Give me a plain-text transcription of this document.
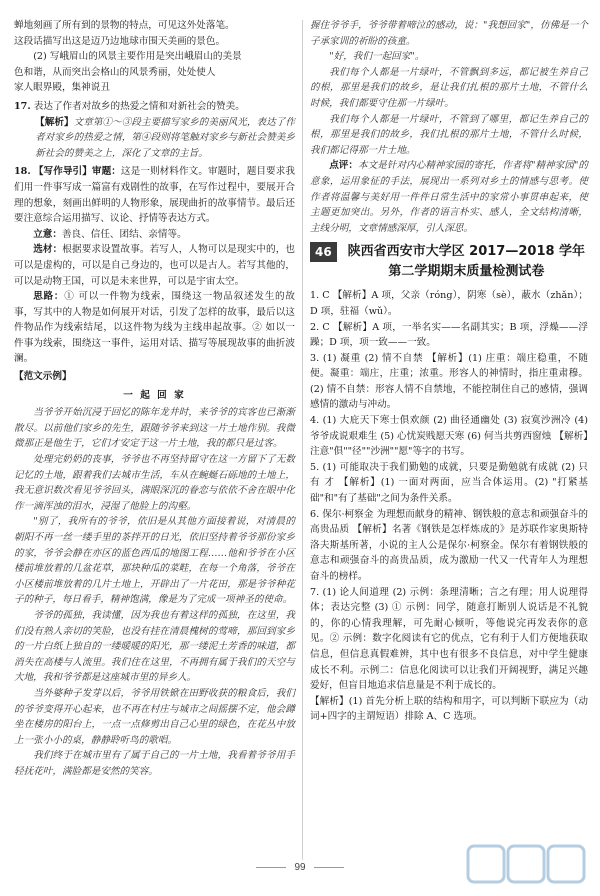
蝉地刻画了所有到的景物的特点，可见这外处落笔。

这段话描写出这是迈乃边地球市围天美画的景色。

(2) 写峨眉山的风景主要作用是突出峨眉山的美景

色和谐，从而突出会格山的风景秀丽，处处使人

家人眼界殿，集神说丑

17. 表达了作者对故乡的热爱之情和对新社会的赞美。

【解析】文章第①～③段主要描写家乡的美丽风光，表达了作者对家乡的热爱之情，第④段则将笔触对家乡与新社会赞美乡新社会的赞美之上，深化了文章的主旨。

18. 【写作导引】审题：这是一则材料作文。审题时，题目要求我们用一件事写成一篇富有戏剧性的故事，在写作过程中，要展开合理的想象，刻画出鲜明的人物形象，展现曲折的故事情节。最后还要注意综合运用描写、议论、抒情等表达方式。

立意：善良、信任、团结、亲情等。

选材：根据要求设置故事。若写人，人物可以是现实中的，也可以是虚构的，可以是自己身边的，也可以是古人。若写其他的，可以是动物王国，可以是未来世界，可以是宇宙太空。

思路：① 可以一件物为线索，围绕这一物品叙述发生的故事，写其中的人物是如何展开对话，引发了怎样的故事，最后以这件物品作为线索结尾，以这件物为线为主线串起故事。② 如以一件事为线索，围绕这一事件，运用对话、描写等展现故事的曲折波澜。

【范文示例】

一 起 回 家

当爷爷开始沉浸于回忆的陈年龙井时，来爷爷的宾客也已渐渐散尽。以前他们家乡的先生，跟随爷爷来到这一片土地作别。我微微那正是他生于，它们才安定于这一片土地，我的都只是过客。

处理完奶奶的丧事，爷爷也不再坚持留守在这一方留下了无数记忆的土地，跟着我们去城市生活，车从在蜿蜒石砾地的土地上，我无意识数次看见爷爷回头，满眼深沉的眷恋与依依不舍在眼中化作一滴浑浊的泪水，浸湿了他脸上的沟壑。

"别了，我所有的爷爷，依旧是从其他方面接着说，对清晨的朝阳不再一丝一缕手里的茶拌开的日光，依旧坚持着爷爷那份家乡的家，爷爷会静在亦区的蓝色西瓜的地图工程……他和爷爷在小区楼前堆放着的几盆花草，那块种瓜的菜畦，在每一个角落，爷爷在小区楼前堆放着的几片土地上，开辟出了一片花田，那是爷爷种花子的种子，每日看手，精神饱满，像是为了完成一项神圣的使命。

爷爷的孤独，我读懂，因为我也有着这样的孤独，在这里，我们没有熟人亲切的笑脸，也没有挂在清晨槐树的莺啼，那回到家乡的一片白纸上独自的一缕暖暖的阳光，那一缕泥土芳香的味道，都消失在高楼与人流里。我们住在这里，不再拥有属于我们的天空与大地，我和爷爷都是这座城市里的异乡人。

当外婆种子发芽以后，爷爷用铁锨在田野收获的粮食后，我们的爷爷变得开心起来，也不再在村庄与城市之间摇摆不定，他会蹲坐在楼房的阳台上，一点一点修剪出自己心里的绿色，在花丛中放上一张小小的桌，静静聆听鸟的歌唱。

我们终于在城市里有了属于自己的一片土地，我看着爷爷用手轻抚花叶，满脸都是安然的笑容。

握住爷爷手，爷爷带着啼泣的感动，说："我想回家"，仿佛是一个子承家训的祈盼的孩童。

"好，我们一起回家"。

我们每个人都是一片绿叶，不管飘到多远，都记被生养自己的根，那里是我们的故乡，是让我们扎根的那片土地，不管什么时候，我们都要守住那一片绿叶。

我们每个人都是一片绿叶，不管到了哪里，都记生养自己的根，那里是我们的故乡，我们扎根的那片土地，不管什么时候，我们都记得那一片土地。

点评：本文是针对内心精神家园的寄托，作者将"精神家园"的意象，运用象征的手法，展现出一系列对乡土的情感与思考。使作者将温馨与美好用一件件日常生活中的家常小事贯串起来，使主题更加突出。另外，作者的语言朴实、感人，全文结构清晰，主线分明，文章情感深厚，引人深思。

46	陕西省西安市大学区 2017—2018 学年
第二学期期末质量检测试卷

1. C 【解析】A 项，父亲（róng），阴寒（sè），蔽水（zhǎn）；D 项，驻福（wǔ）。

2. C 【解析】A 项，一举名实——名副其实；B 项，浮燥——浮躁；D 项，项一致——一致。

3. (1) 凝重 (2) 情不自禁 【解析】(1) 庄重：端庄稳重，不随便。凝重：端庄，庄重；浓重。形容人的神情时，指庄重肃穆。(2) 情不自禁：形容人情不自禁地，不能控制住自己的感情，强调感情的激动与冲动。

4. (1) 大庇天下寒士俱欢颜 (2) 曲径通幽处 (3) 寂寞沙洲冷 (4) 爷爷成说艰难生 (5) 心忧炭贱愿天寒 (6) 何当共剪西窗烛 【解析】注意"俱""径""沙洲""愿"等字的书写。

5. (1) 可能取决于我们勤勉的成就，只要是勤勉就有成就 (2) 只有 才 【解析】(1) 一面对两面，应当合体运用。(2) "打紧基础"和"有了基础"之间为条件关系。

6. 保尔·柯察金 为理想而献身的精神、钢铁般的意志和顽强奋斗的高贵品质 【解析】名著《钢铁是怎样炼成的》是苏联作家奥斯特洛夫斯基所著，小说的主人公是保尔·柯察金。保尔有着钢铁般的意志和顽强奋斗的高贵品质，成为激励一代又一代青年人为理想奋斗的榜样。

7. (1) 论人间道理 (2) 示例：条理清晰；言之有理；用人说理得体；表达完整 (3) ① 示例：同学，随意打断别人说话是不礼貌的，你的心情我理解，可先耐心倾听，等他说完再发表你的意见。② 示例：数字化阅读有它的优点，它有利于人们方便地获取信息，但信息真假难辨，其中也有很多不良信息，对中学生健康成长不利。示例二：信息化阅读可以让我们开阔视野，满足兴趣爱好，但盲目地追求信息量是不利于成长的。

【解析】(1) 首先分析上联的结构和用字，可以判断下联应为（动词+四字的主谓短语）排除 A、C 选项。

99
